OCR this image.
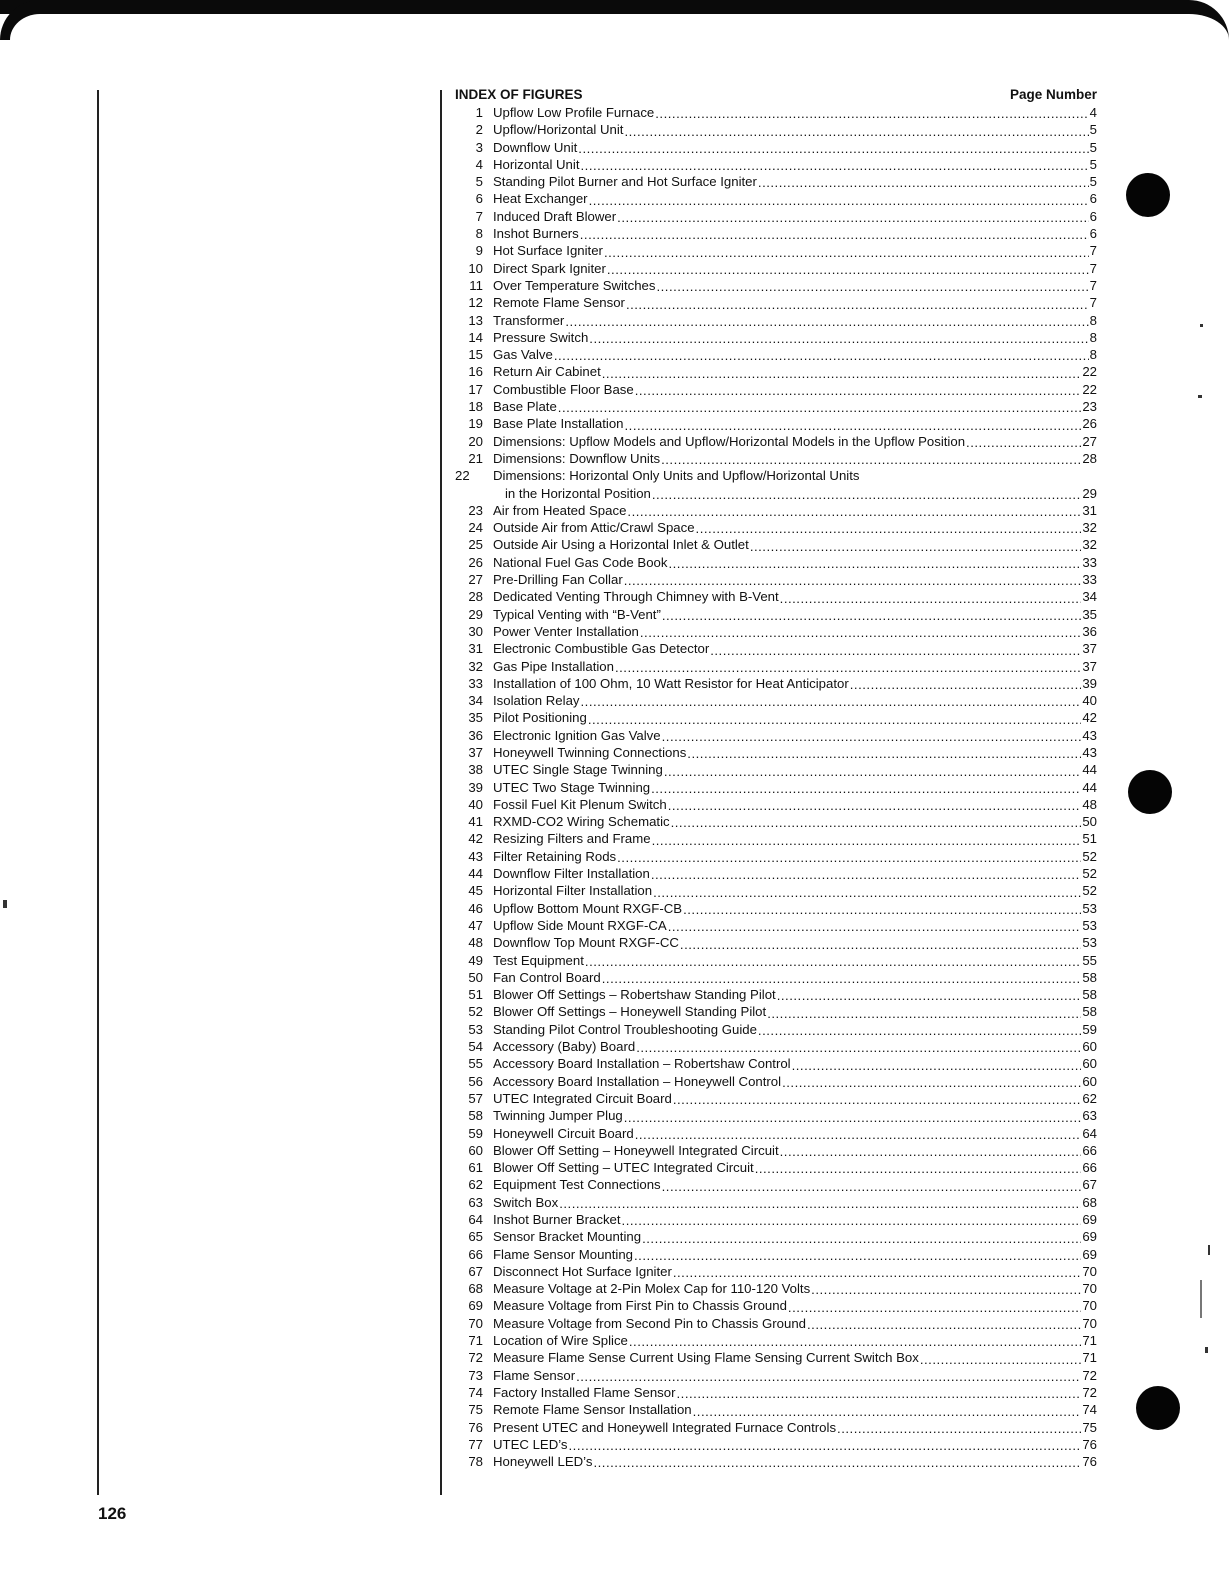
INDEX OF FIGURES	Page Number
1 Upflow Low Profile Furnace .....	4
2 Upflow/Horizontal Unit .....	5
3 Downflow Unit .....	5
4 Horizontal Unit .....	5
5 Standing Pilot Burner and Hot Surface Igniter .....	5
6 Heat Exchanger .....	6
7 Induced Draft Blower .....	6
8 Inshot Burners .....	6
9 Hot Surface Igniter .....	7
10 Direct Spark Igniter .....	7
11 Over Temperature Switches .....	7
12 Remote Flame Sensor .....	7
13 Transformer .....	8
14 Pressure Switch .....	8
15 Gas Valve .....	8
16 Return Air Cabinet .....	22
17 Combustible Floor Base .....	22
18 Base Plate .....	23
19 Base Plate Installation .....	26
20 Dimensions: Upflow Models and Upflow/Horizontal Models in the Upflow Position .....	27
21 Dimensions: Downflow Units .....	28
22	Dimensions: Horizontal Only Units and Upflow/Horizontal Units
in the Horizontal Position .....	29
23 Air from Heated Space .....	31
24 Outside Air from Attic/Crawl Space .....	32
25 Outside Air Using a Horizontal Inlet & Outlet .....	32
26 National Fuel Gas Code Book .....	33
27 Pre-Drilling Fan Collar .....	33
28 Dedicated Venting Through Chimney with B-Vent .....	34
29 Typical Venting with “B-Vent” .....	35
30 Power Venter Installation .....	36
31 Electronic Combustible Gas Detector .....	37
32 Gas Pipe Installation .....	37
33 Installation of 100 Ohm, 10 Watt Resistor for Heat Anticipator .....	39
34 Isolation Relay .....	40
35 Pilot Positioning .....	42
36 Electronic Ignition Gas Valve .....	43
37 Honeywell Twinning Connections .....	43
38 UTEC Single Stage Twinning .....	44
39 UTEC Two Stage Twinning .....	44
40 Fossil Fuel Kit Plenum Switch .....	48
41 RXMD-CO2 Wiring Schematic .....	50
42 Resizing Filters and Frame .....	51
43 Filter Retaining Rods .....	52
44 Downflow Filter Installation .....	52
45 Horizontal Filter Installation .....	52
46 Upflow Bottom Mount RXGF-CB .....	53
47 Upflow Side Mount RXGF-CA .....	53
48 Downflow Top Mount RXGF-CC .....	53
49 Test Equipment .....	55
50 Fan Control Board .....	58
51 Blower Off Settings – Robertshaw Standing Pilot .....	58
52 Blower Off Settings – Honeywell Standing Pilot .....	58
53 Standing Pilot Control Troubleshooting Guide .....	59
54 Accessory (Baby) Board .....	60
55 Accessory Board Installation – Robertshaw Control .....	60
56 Accessory Board Installation – Honeywell Control .....	60
57 UTEC Integrated Circuit Board .....	62
58 Twinning Jumper Plug .....	63
59 Honeywell Circuit Board .....	64
60 Blower Off Setting – Honeywell Integrated Circuit .....	66
61 Blower Off Setting – UTEC Integrated Circuit .....	66
62 Equipment Test Connections .....	67
63 Switch Box .....	68
64 Inshot Burner Bracket .....	69
65 Sensor Bracket Mounting .....	69
66 Flame Sensor Mounting .....	69
67 Disconnect Hot Surface Igniter .....	70
68 Measure Voltage at 2-Pin Molex Cap for 110-120 Volts .....	70
69 Measure Voltage from First Pin to Chassis Ground .....	70
70 Measure Voltage from Second Pin to Chassis Ground .....	70
71 Location of Wire Splice .....	71
72 Measure Flame Sense Current Using Flame Sensing Current Switch Box .....	71
73 Flame Sensor .....	72
74 Factory Installed Flame Sensor .....	72
75 Remote Flame Sensor Installation .....	74
76 Present UTEC and Honeywell Integrated Furnace Controls .....	75
77 UTEC LED’s .....	76
78 Honeywell LED’s .....	76
126
